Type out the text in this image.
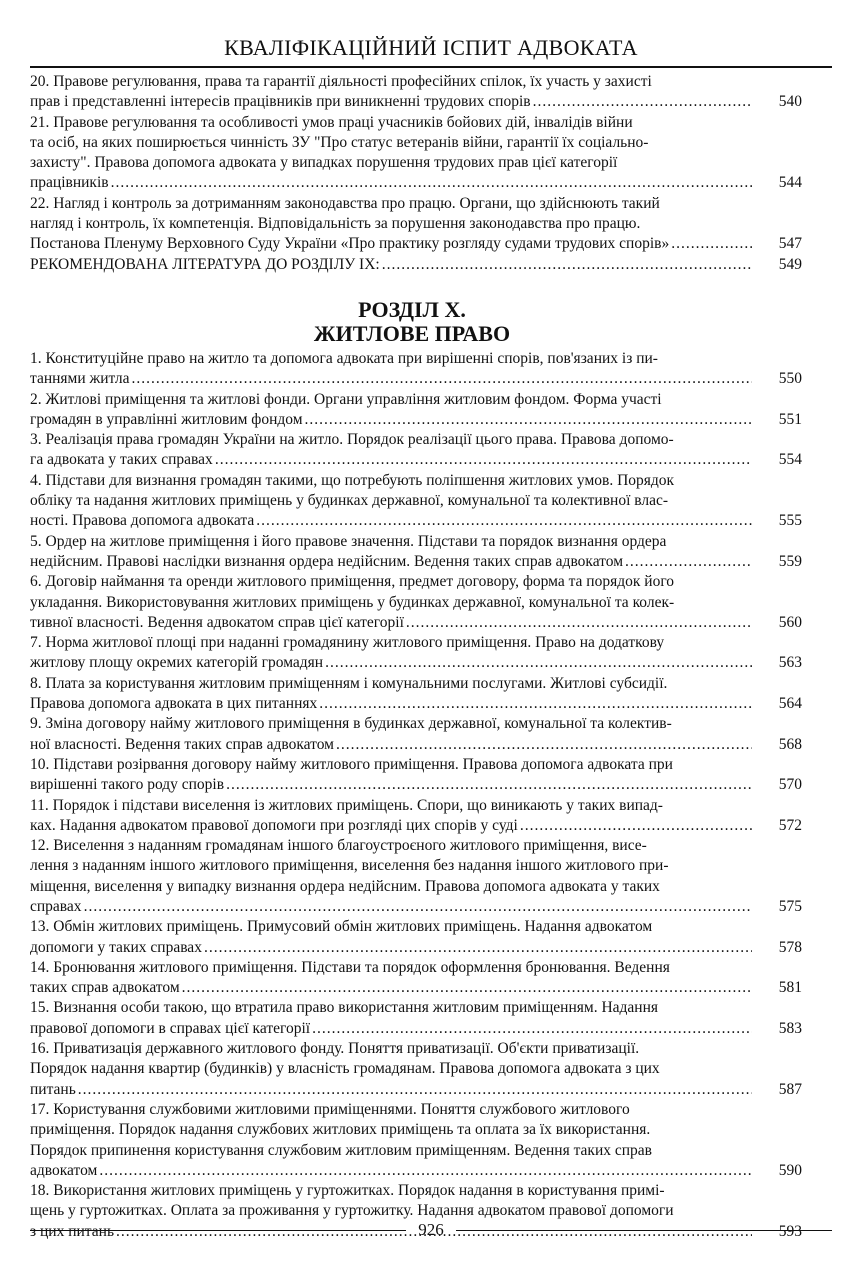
КВАЛІФІКАЦІЙНИЙ ІСПИТ АДВОКАТА
20. Правове регулювання, права та гарантії діяльності професійних спілок, їх участь у захисті
прав і представленні інтересів працівників при виникненні трудових спорів .....	540
21. Правове регулювання та особливості умов праці учасників бойових дій, інвалідів війни
та осіб, на яких поширюється чинність ЗУ "Про статус ветеранів війни, гарантії їх соціально-
захисту". Правова допомога адвоката у випадках порушення трудових прав цієї категорії
працівників .....	544
22. Нагляд і контроль за дотриманням законодавства про працю. Органи, що здійснюють такий
нагляд і контроль, їх компетенція. Відповідальність за порушення законодавства про працю.
Постанова Пленуму Верховного Суду України «Про практику розгляду судами трудових спорів» .....	547
РЕКОМЕНДОВАНА ЛІТЕРАТУРА ДО РОЗДІЛУ IX: .....	549
РОЗДІЛ X.
ЖИТЛОВЕ ПРАВО
1. Конституційне право на житло та допомога адвоката при вирішенні спорів, пов'язаних із пи-
таннями житла .....	550
2. Житлові приміщення та житлові фонди. Органи управління житловим фондом. Форма участі
громадян в управлінні житловим фондом .....	551
3. Реалізація права громадян України на житло. Порядок реалізації цього права. Правова допомо-
га адвоката у таких справах .....	554
4. Підстави для визнання громадян такими, що потребують поліпшення житлових умов. Порядок
обліку та надання житлових приміщень у будинках державної, комунальної та колективної влас-
ності. Правова допомога адвоката .....	555
5. Ордер на житлове приміщення і його правове значення. Підстави та порядок визнання ордера
недійсним. Правові наслідки визнання ордера недійсним. Ведення таких справ адвокатом .....	559
6. Договір наймання та оренди житлового приміщення, предмет договору, форма та порядок його
укладання. Використовування житлових приміщень у будинках державної, комунальної та колек-
тивної власності. Ведення адвокатом справ цієї категорії .....	560
7. Норма житлової площі при наданні громадянину житлового приміщення. Право на додаткову
житлову площу окремих категорій громадян .....	563
8. Плата за користування житловим приміщенням і комунальними послугами. Житлові субсидії.
Правова допомога адвоката в цих питаннях .....	564
9. Зміна договору найму житлового приміщення в будинках державної, комунальної та колектив-
ної власності. Ведення таких справ адвокатом .....	568
10. Підстави розірвання договору найму житлового приміщення. Правова допомога адвоката при
вирішенні такого роду спорів .....	570
11. Порядок і підстави виселення із житлових приміщень. Спори, що виникають у таких випад-
ках. Надання адвокатом правової допомоги при розгляді цих спорів у суді .....	572
12. Виселення з наданням громадянам іншого благоустроєного житлового приміщення, висе-
лення з наданням іншого житлового приміщення, виселення без надання іншого житлового при-
міщення, виселення у випадку визнання ордера недійсним. Правова допомога адвоката у таких
справах .....	575
13. Обмін житлових приміщень. Примусовий обмін житлових приміщень. Надання адвокатом
допомоги у таких справах .....	578
14. Бронювання житлового приміщення. Підстави та порядок оформлення бронювання. Ведення
таких справ адвокатом .....	581
15. Визнання особи такою, що втратила право використання житловим приміщенням. Надання
правової допомоги в справах цієї категорії .....	583
16. Приватизація державного житлового фонду. Поняття приватизації. Об'єкти приватизації.
Порядок надання квартир (будинків) у власність громадянам. Правова допомога адвоката з цих
питань .....	587
17. Користування службовими житловими приміщеннями. Поняття службового житлового
приміщення. Порядок надання службових житлових приміщень та оплата за їх використання.
Порядок припинення користування службовим житловим приміщенням. Ведення таких справ
адвокатом .....	590
18. Використання житлових приміщень у гуртожитках. Порядок надання в користування примі-
щень у гуртожитках. Оплата за проживання у гуртожитку. Надання адвокатом правової допомоги
з цих питань .....	593
926
